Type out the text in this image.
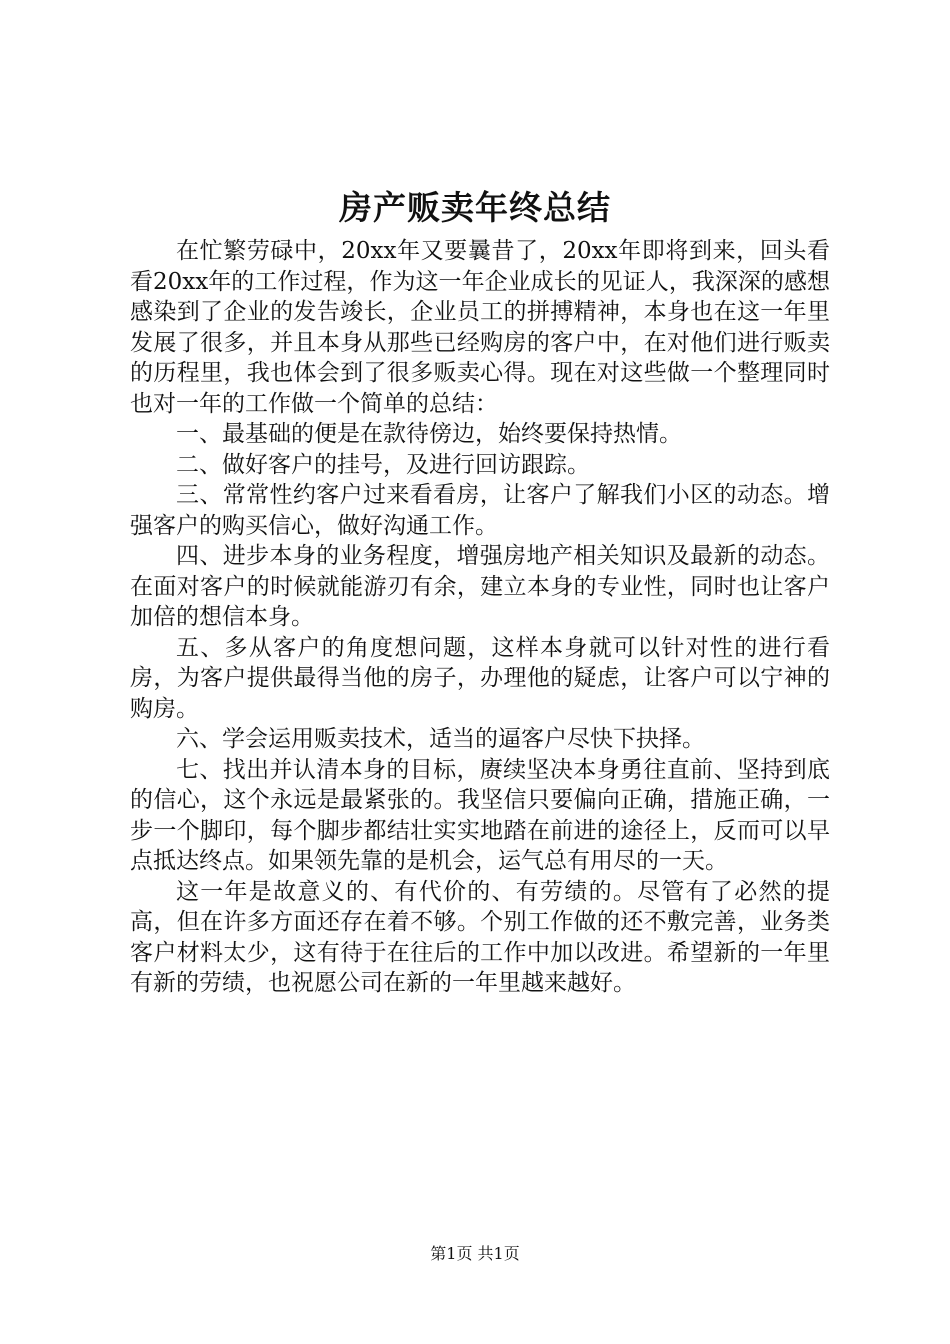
房产贩卖年终总结

在忙繁劳碌中，20xx年又要曩昔了，20xx年即将到来，回头看看20xx年的工作过程，作为这一年企业成长的见证人，我深深的感想感染到了企业的发告竣长，企业员工的拼搏精神，本身也在这一年里发展了很多，并且本身从那些已经购房的客户中，在对他们进行贩卖的历程里，我也体会到了很多贩卖心得。现在对这些做一个整理同时也对一年的工作做一个简单的总结：

一、最基础的便是在款待傍边，始终要保持热情。

二、做好客户的挂号，及进行回访跟踪。

三、常常性约客户过来看看房，让客户了解我们小区的动态。增强客户的购买信心，做好沟通工作。

四、进步本身的业务程度，增强房地产相关知识及最新的动态。在面对客户的时候就能游刃有余，建立本身的专业性，同时也让客户加倍的想信本身。

五、多从客户的角度想问题，这样本身就可以针对性的进行看房，为客户提供最得当他的房子，办理他的疑虑，让客户可以宁神的购房。

六、学会运用贩卖技术，适当的逼客户尽快下抉择。

七、找出并认清本身的目标，赓续坚决本身勇往直前、坚持到底的信心，这个永远是最紧张的。我坚信只要偏向正确，措施正确，一步一个脚印，每个脚步都结壮实实地踏在前进的途径上，反而可以早点抵达终点。如果领先靠的是机会，运气总有用尽的一天。

这一年是故意义的、有代价的、有劳绩的。尽管有了必然的提高，但在许多方面还存在着不够。个别工作做的还不敷完善，业务类客户材料太少，这有待于在往后的工作中加以改进。希望新的一年里有新的劳绩，也祝愿公司在新的一年里越来越好。

第1页 共1页
